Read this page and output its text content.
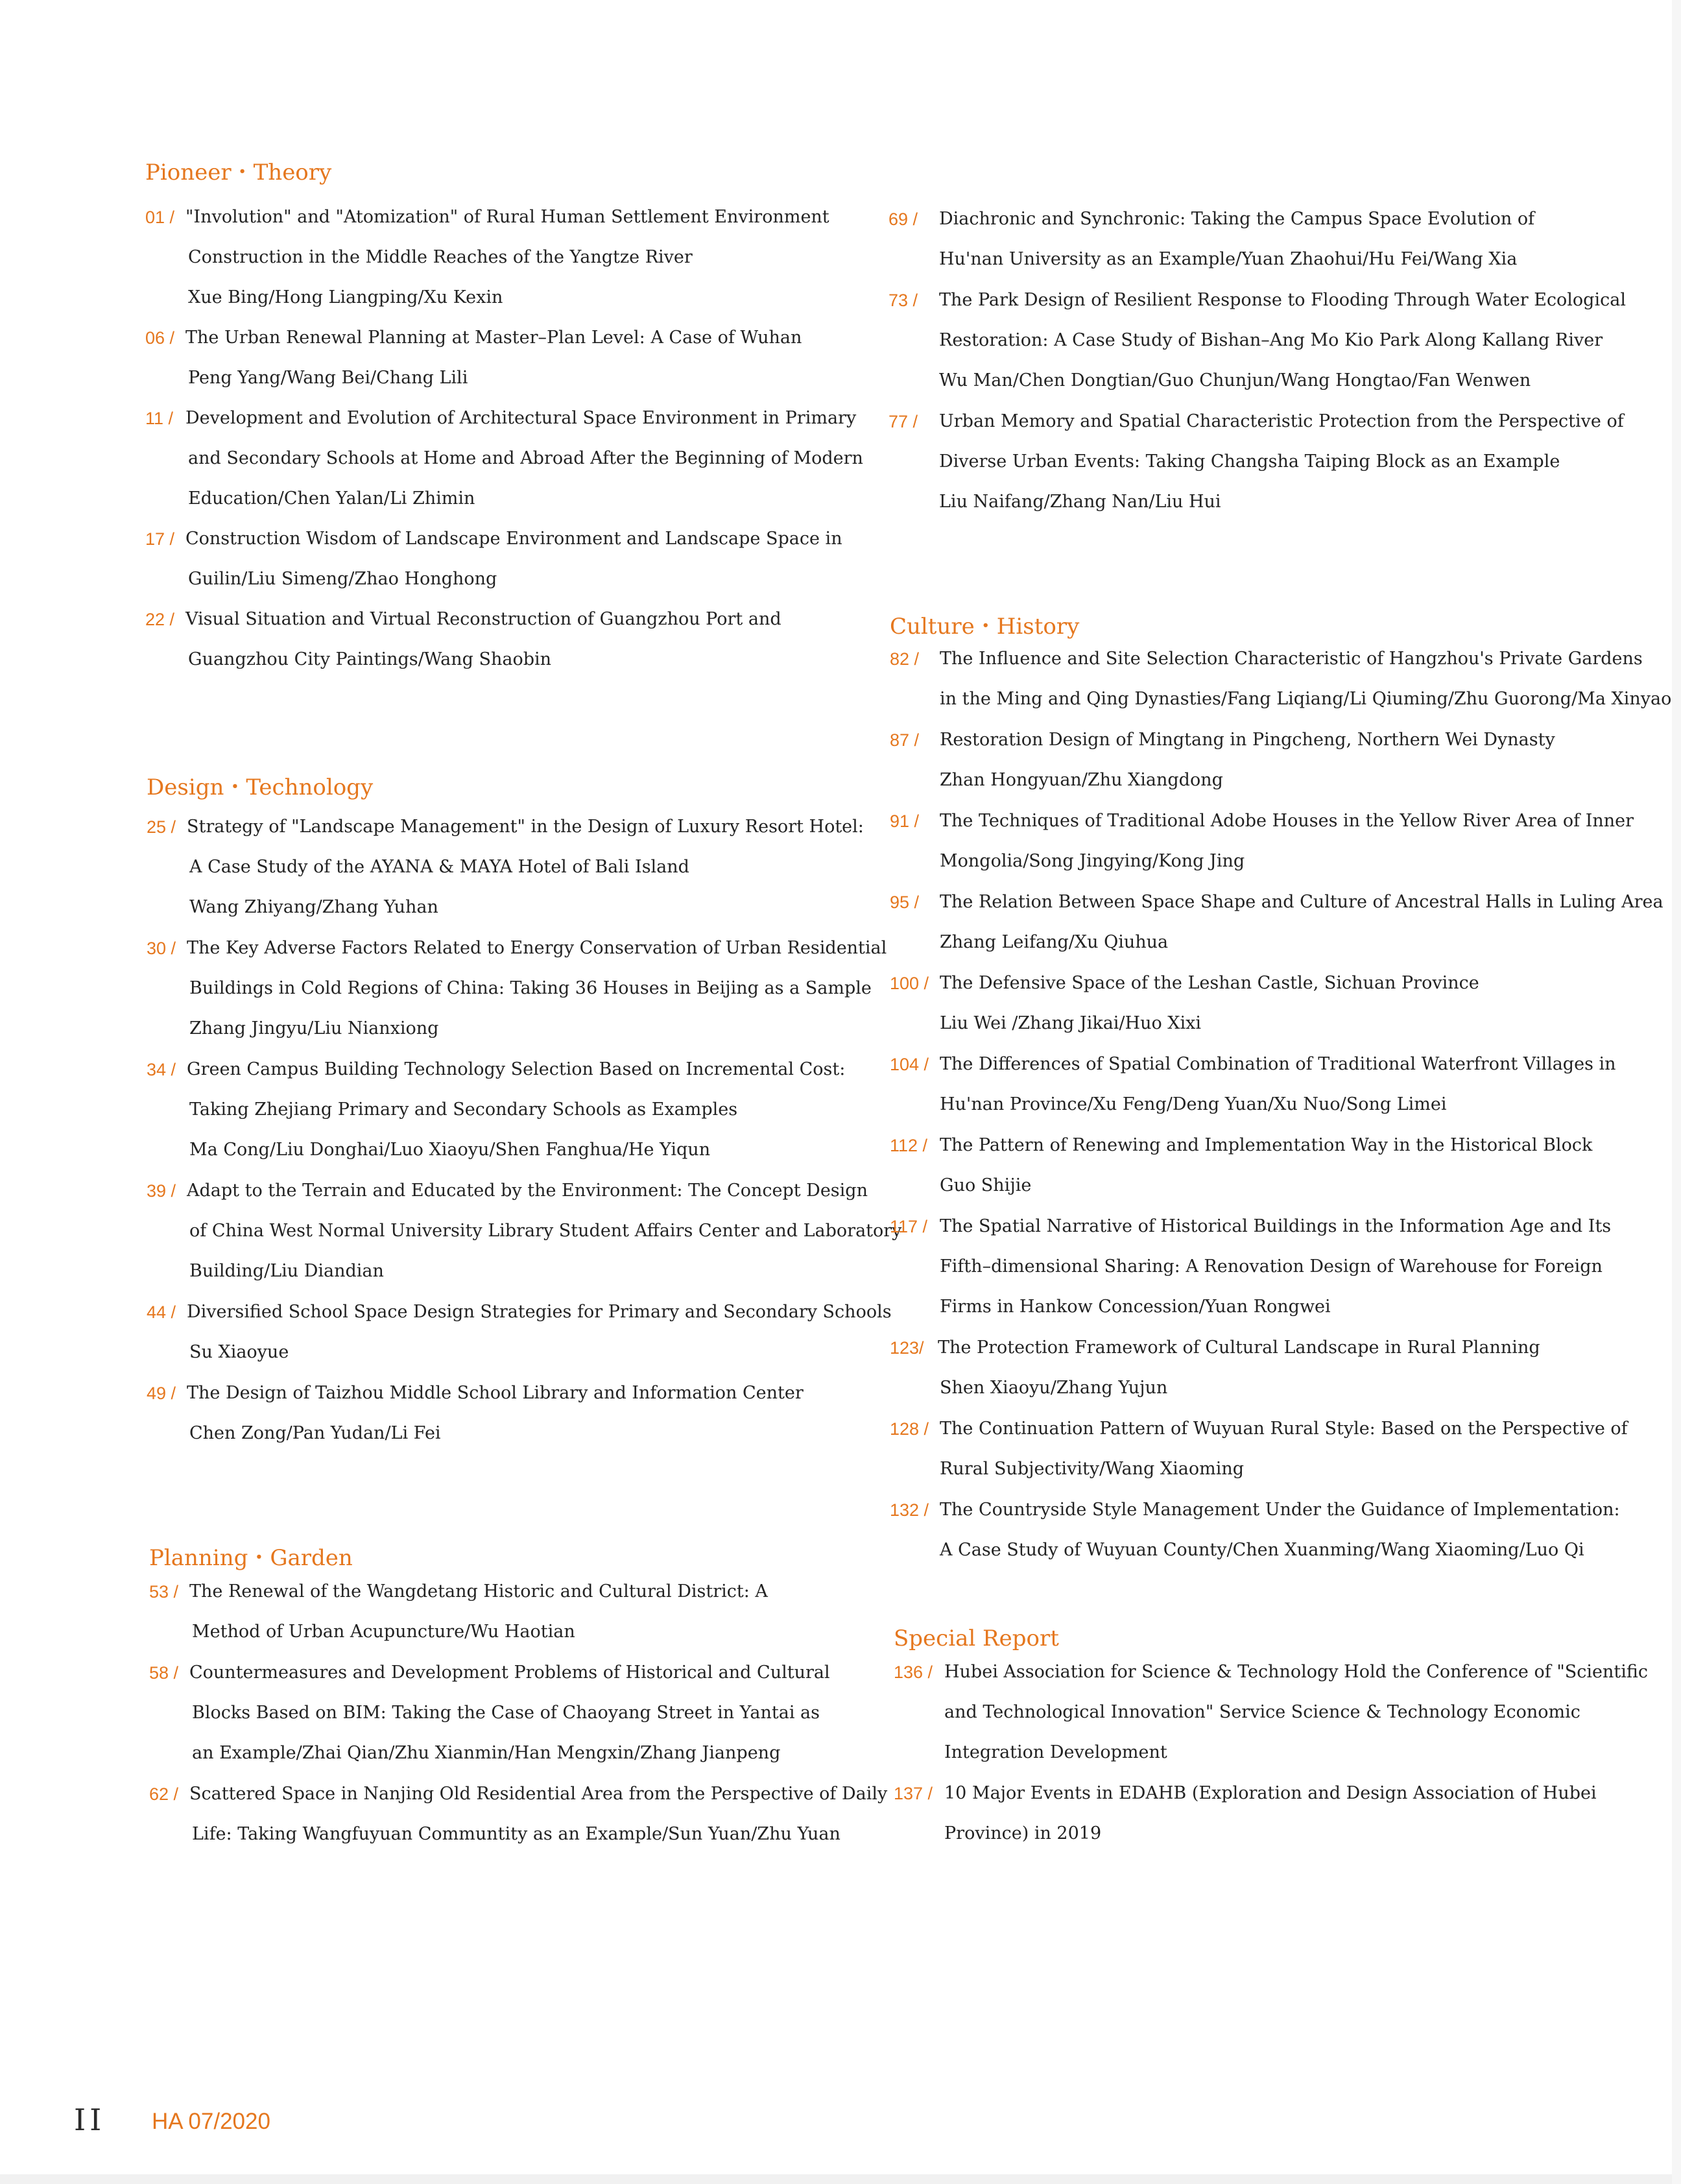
Pioneer・Theory
01 / "Involution" and "Atomization" of Rural Human Settlement Environment
Construction in the Middle Reaches of the Yangtze River
Xue Bing/Hong Liangping/Xu Kexin
06 / The Urban Renewal Planning at Master–Plan Level: A Case of Wuhan
Peng Yang/Wang Bei/Chang Lili
11 / Development and Evolution of Architectural Space Environment in Primary
and Secondary Schools at Home and Abroad After the Beginning of Modern
Education/Chen Yalan/Li Zhimin
17 / Construction Wisdom of Landscape Environment and Landscape Space in
Guilin/Liu Simeng/Zhao Honghong
22 / Visual Situation and Virtual Reconstruction of Guangzhou Port and
Guangzhou City Paintings/Wang Shaobin
Design・Technology
25 / Strategy of "Landscape Management" in the Design of Luxury Resort Hotel:
A Case Study of the AYANA & MAYA Hotel of Bali Island
Wang Zhiyang/Zhang Yuhan
30 / The Key Adverse Factors Related to Energy Conservation of Urban Residential
Buildings in Cold Regions of China: Taking 36 Houses in Beijing as a Sample
Zhang Jingyu/Liu Nianxiong
34 / Green Campus Building Technology Selection Based on Incremental Cost:
Taking Zhejiang Primary and Secondary Schools as Examples
Ma Cong/Liu Donghai/Luo Xiaoyu/Shen Fanghua/He Yiqun
39 / Adapt to the Terrain and Educated by the Environment: The Concept Design
of China West Normal University Library Student Affairs Center and Laboratory
Building/Liu Diandian
44 / Diversified School Space Design Strategies for Primary and Secondary Schools
Su Xiaoyue
49 / The Design of Taizhou Middle School Library and Information Center
Chen Zong/Pan Yudan/Li Fei
Planning・Garden
53 / The Renewal of the Wangdetang Historic and Cultural District: A
Method of Urban Acupuncture/Wu Haotian
58 / Countermeasures and Development Problems of Historical and Cultural
Blocks Based on BIM: Taking the Case of Chaoyang Street in Yantai as
an Example/Zhai Qian/Zhu Xianmin/Han Mengxin/Zhang Jianpeng
62 / Scattered Space in Nanjing Old Residential Area from the Perspective of Daily
Life: Taking Wangfuyuan Communtity as an Example/Sun Yuan/Zhu Yuan
69 / Diachronic and Synchronic: Taking the Campus Space Evolution of
Hu'nan University as an Example/Yuan Zhaohui/Hu Fei/Wang Xia
73 / The Park Design of Resilient Response to Flooding Through Water Ecological
Restoration: A Case Study of Bishan–Ang Mo Kio Park Along Kallang River
Wu Man/Chen Dongtian/Guo Chunjun/Wang Hongtao/Fan Wenwen
77 / Urban Memory and Spatial Characteristic Protection from the Perspective of
Diverse Urban Events: Taking Changsha Taiping Block as an Example
Liu Naifang/Zhang Nan/Liu Hui
Culture・History
82 / The Influence and Site Selection Characteristic of Hangzhou's Private Gardens
in the Ming and Qing Dynasties/Fang Liqiang/Li Qiuming/Zhu Guorong/Ma Xinyao
87 / Restoration Design of Mingtang in Pingcheng, Northern Wei Dynasty
Zhan Hongyuan/Zhu Xiangdong
91 / The Techniques of Traditional Adobe Houses in the Yellow River Area of Inner
Mongolia/Song Jingying/Kong Jing
95 / The Relation Between Space Shape and Culture of Ancestral Halls in Luling Area
Zhang Leifang/Xu Qiuhua
100 / The Defensive Space of the Leshan Castle, Sichuan Province
Liu Wei /Zhang Jikai/Huo Xixi
104 / The Differences of Spatial Combination of Traditional Waterfront Villages in
Hu'nan Province/Xu Feng/Deng Yuan/Xu Nuo/Song Limei
112 / The Pattern of Renewing and Implementation Way in the Historical Block
Guo Shijie
117 / The Spatial Narrative of Historical Buildings in the Information Age and Its
Fifth–dimensional Sharing: A Renovation Design of Warehouse for Foreign
Firms in Hankow Concession/Yuan Rongwei
123/ The Protection Framework of Cultural Landscape in Rural Planning
Shen Xiaoyu/Zhang Yujun
128 / The Continuation Pattern of Wuyuan Rural Style: Based on the Perspective of
Rural Subjectivity/Wang Xiaoming
132 / The Countryside Style Management Under the Guidance of Implementation:
A Case Study of Wuyuan County/Chen Xuanming/Wang Xiaoming/Luo Qi
Special Report
136 / Hubei Association for Science & Technology Hold the Conference of "Scientific
and Technological Innovation" Service Science & Technology Economic
Integration Development
137 / 10 Major Events in EDAHB (Exploration and Design Association of Hubei
Province) in 2019
II HA 07/2020
